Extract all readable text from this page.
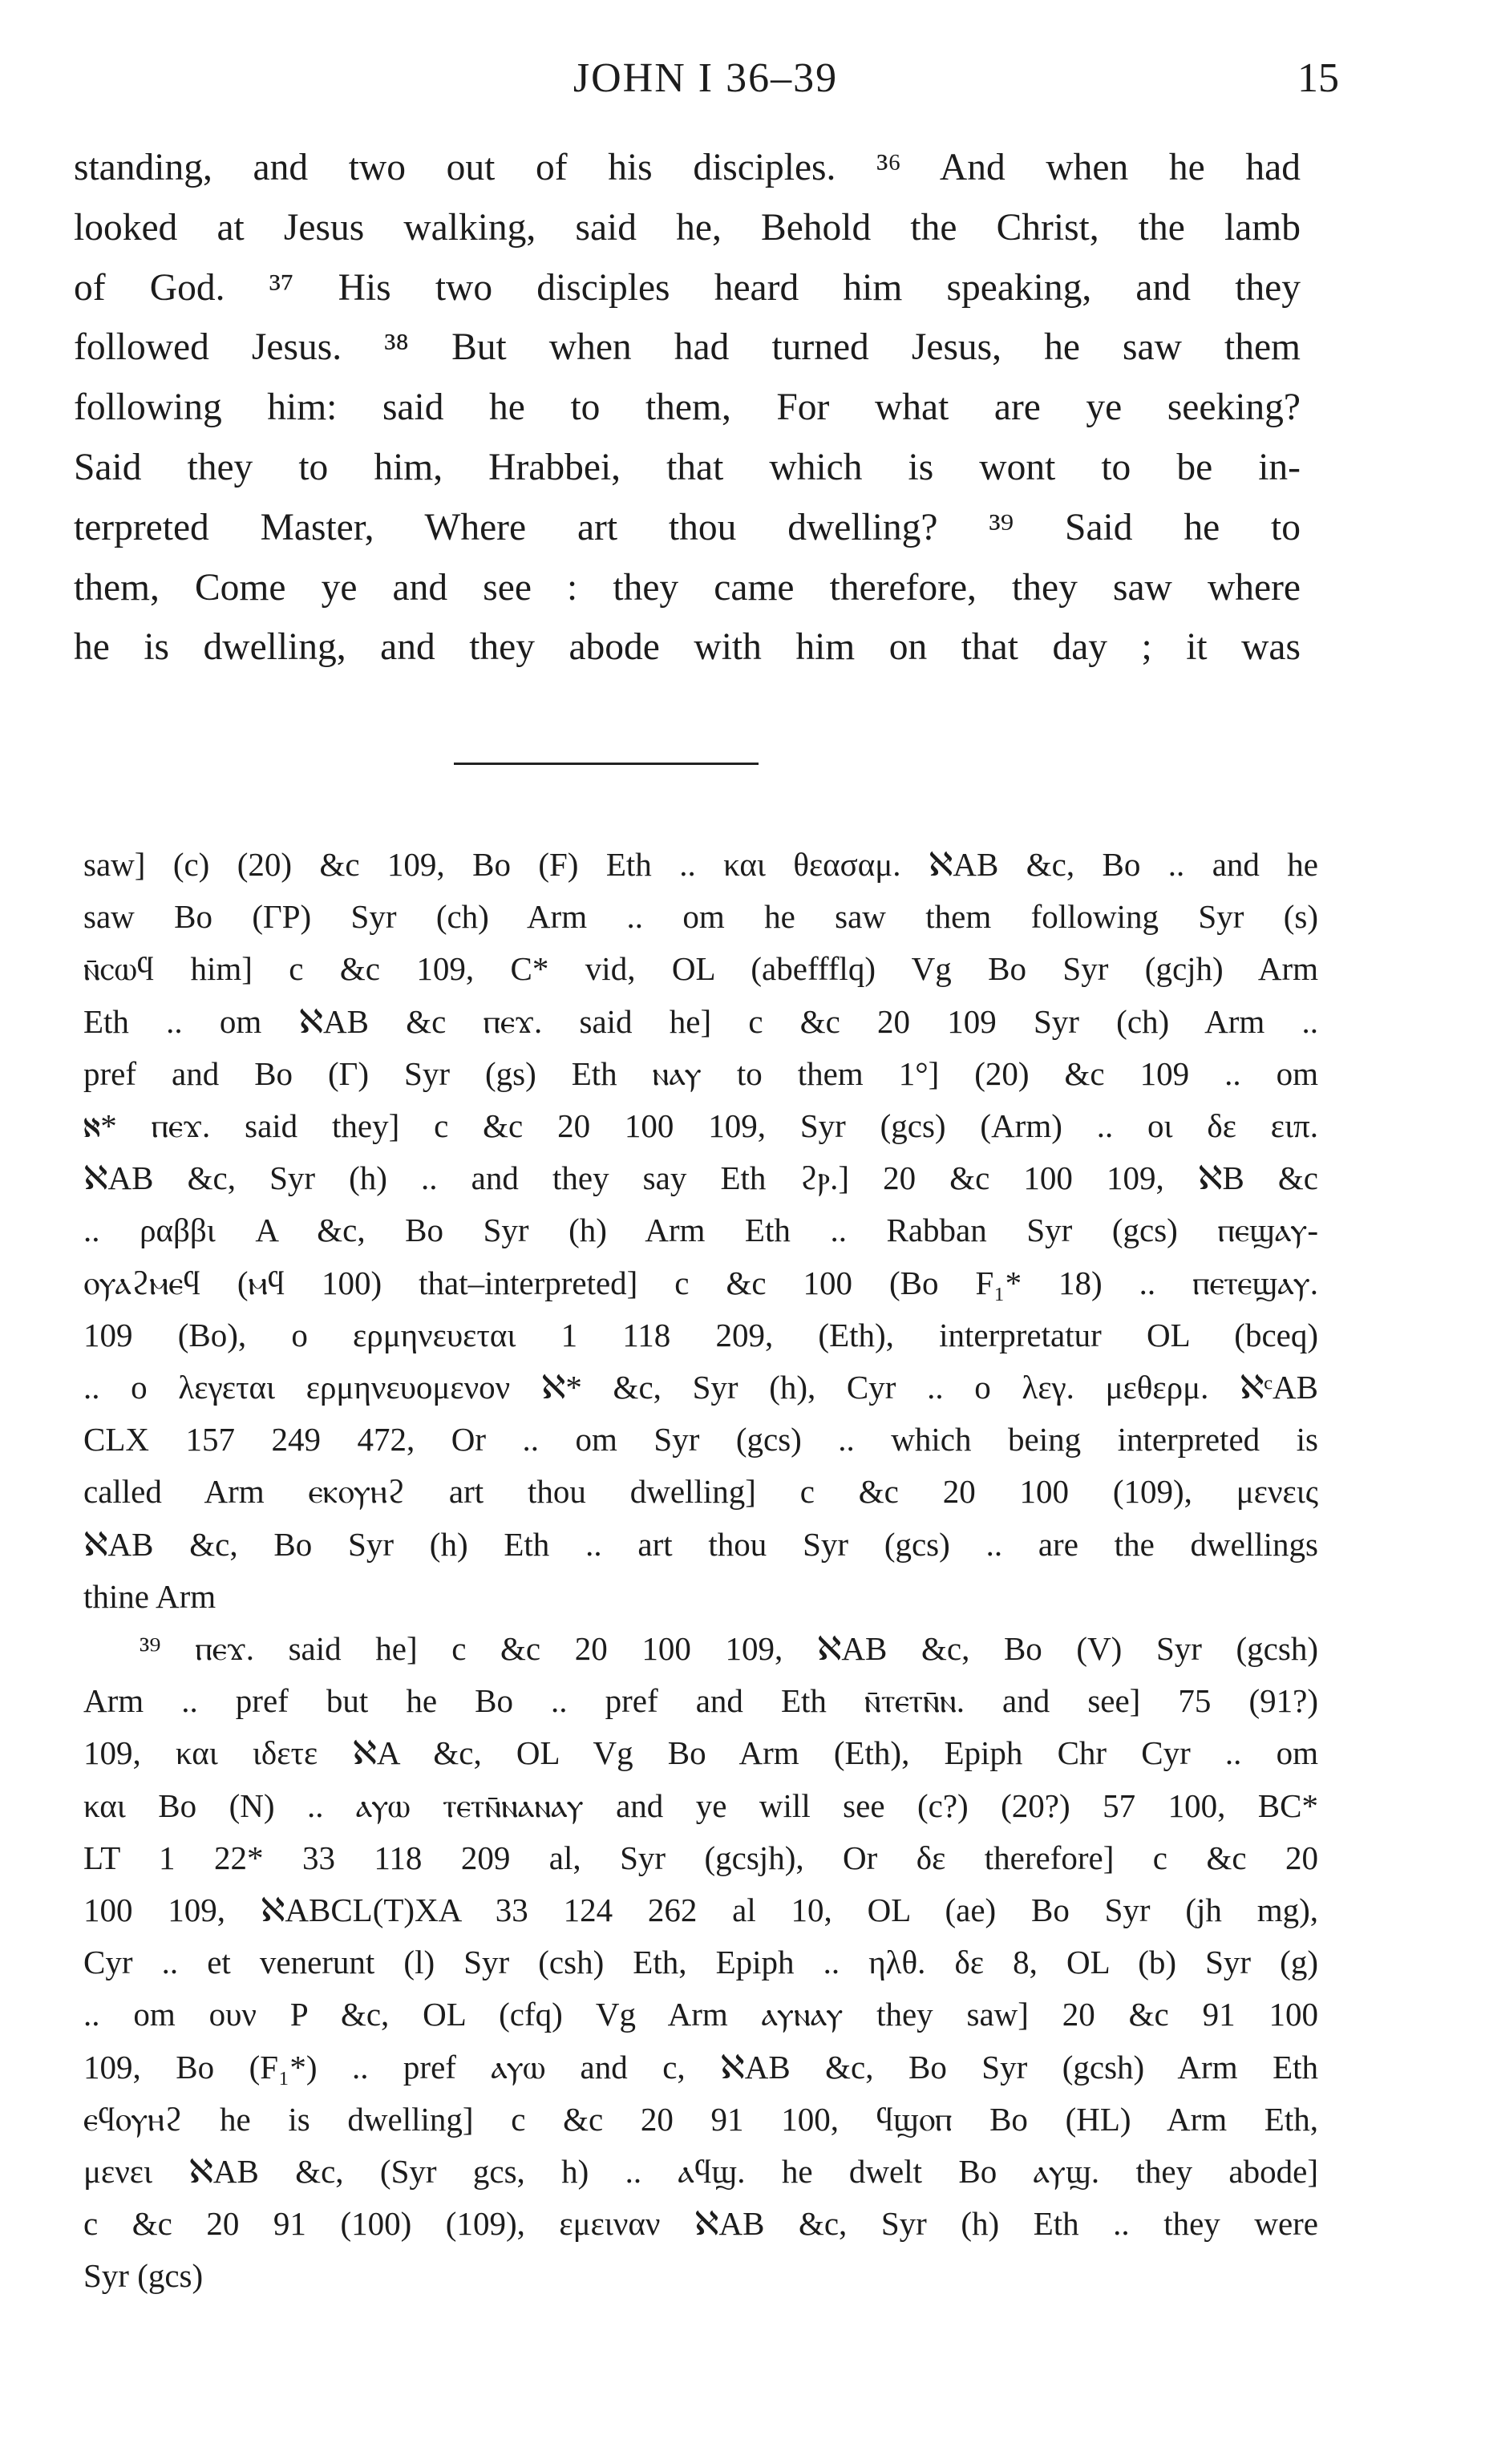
JOHN I 36–39	15
standing, and two out of his disciples. ³⁶ And when he had
looked at Jesus walking, said he, Behold the Christ, the lamb
of God. ³⁷ His two disciples heard him speaking, and they
followed Jesus. ³⁸ But when had turned Jesus, he saw them
following him: said he to them, For what are ye seeking?
Said they to him, Hrabbei, that which is wont to be in-
terpreted Master, Where art thou dwelling? ³⁹ Said he to
them, Come ye and see : they came therefore, they saw where
he is dwelling, and they abode with him on that day ; it was
saw] (c) (20) &c 109, Bo (F) Eth .. και θεασαμ. ℵAB &c, Bo .. and he
saw Bo (ΓP) Syr (ch) Arm .. om he saw them following Syr (s)
ⲛ̄ⲥⲱϥ him] c &c 109, C* vid, OL (abeffflq) Vg Bo Syr (gcjh) Arm
Eth .. om ℵAB &c ⲡⲉϫ. said he] c &c 20 109 Syr (ch) Arm ..
pref and Bo (Γ) Syr (gs) Eth ⲛⲁⲩ to them 1°] (20) &c 109 .. om
ℵ* ⲡⲉϫ. said they] c &c 20 100 109, Syr (gcs) (Arm) .. οι δε ειπ.
ℵAB &c, Syr (h) .. and they say Eth ϩⲣ.] 20 &c 100 109, ℵB &c
.. ραββι A &c, Bo Syr (h) Arm Eth .. Rabban Syr (gcs) ⲡⲉϣⲁⲩ-
ⲟⲩⲁϩⲙⲉϥ (ⲙϥ 100) that–interpreted] c &c 100 (Bo F₁* 18) .. ⲡⲉⲧⲉϣⲁⲩ.
109 (Bo), ο ερμηνευεται 1 118 209, (Eth), interpretatur OL (bceq)
.. ο λεγεται ερμηνευομενον ℵ* &c, Syr (h), Cyr .. ο λεγ. μεθερμ. ℵᶜAB
CLX 157 249 472, Or .. om Syr (gcs) .. which being interpreted is
called Arm ⲉⲕⲟⲩⲏϩ art thou dwelling] c &c 20 100 (109), μενεις
ℵAB &c, Bo Syr (h) Eth .. art thou Syr (gcs) .. are the dwellings
thine Arm
³⁹ ⲡⲉϫ. said he] c &c 20 100 109, ℵAB &c, Bo (V) Syr (gcsh)
Arm .. pref but he Bo .. pref and Eth ⲛ̄ⲧⲉⲧⲛ̄ⲛ. and see] 75 (91?)
109, και ιδετε ℵA &c, OL Vg Bo Arm (Eth), Epiph Chr Cyr .. om
και Bo (N) .. ⲁⲩⲱ ⲧⲉⲧⲛ̄ⲛⲁⲛⲁⲩ and ye will see (c?) (20?) 57 100, BC*
LT 1 22* 33 118 209 al, Syr (gcsjh), Or δε therefore] c &c 20
100 109, ℵABCL(T)XA 33 124 262 al 10, OL (ae) Bo Syr (jh mg),
Cyr .. et venerunt (l) Syr (csh) Eth, Epiph .. ηλθ. δε 8, OL (b) Syr (g)
.. om ουν P &c, OL (cfq) Vg Arm ⲁⲩⲛⲁⲩ they saw] 20 &c 91 100
109, Bo (F₁*) .. pref ⲁⲩⲱ and c, ℵAB &c, Bo Syr (gcsh) Arm Eth
ⲉϥⲟⲩⲏϩ he is dwelling] c &c 20 91 100, ϥϣⲟⲡ Bo (HL) Arm Eth,
μενει ℵAB &c, (Syr gcs, h) .. ⲁϥϣ. he dwelt Bo ⲁⲩϣ. they abode]
c &c 20 91 (100) (109), εμειναν ℵAB &c, Syr (h) Eth .. they were
Syr (gcs)
